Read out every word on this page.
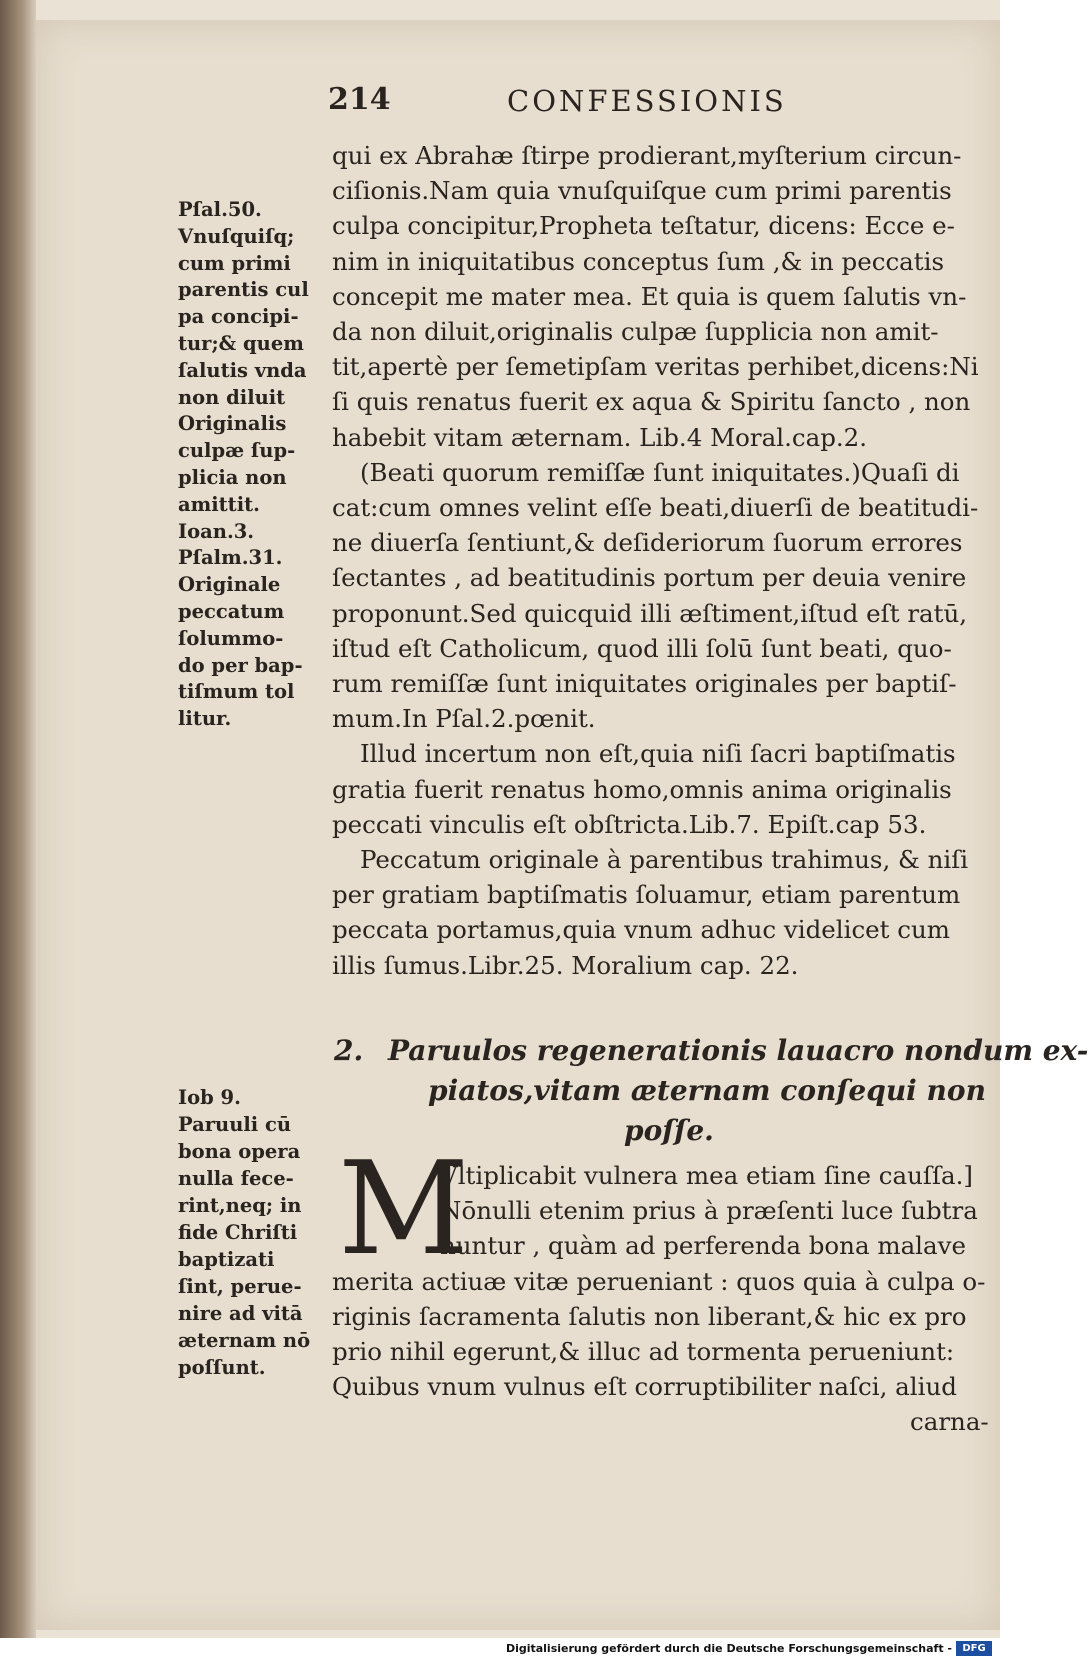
214	CONFESSIONIS
qui ex Abrahæ ſtirpe prodierant,myſterium circun-
ciſionis.Nam quia vnuſquiſque cum primi parentis
culpa concipitur,Propheta teſtatur, dicens: Ecce e-
nim in iniquitatibus conceptus ſum ,& in peccatis
concepit me mater mea. Et quia is quem ſalutis vn-
da non diluit,originalis culpæ ſupplicia non amit-
tit,apertè per ſemetipſam veritas perhibet,dicens:Ni
ſi quis renatus fuerit ex aqua & Spiritu ſancto , non
habebit vitam æternam. Lib.4 Moral.cap.2.
(Beati quorum remiſſæ ſunt iniquitates.)Quaſi di
cat:cum omnes velint eſſe beati,diuerſi de beatitudi-
ne diuerſa ſentiunt,& deſideriorum ſuorum errores
ſectantes , ad beatitudinis portum per deuia venire
proponunt.Sed quicquid illi æſtiment,iſtud eſt ratū,
iſtud eſt Catholicum, quod illi ſolū ſunt beati, quo-
rum remiſſæ ſunt iniquitates originales per baptiſ-
mum.In Pſal.2.pœnit.
Illud incertum non eſt,quia niſi ſacri baptiſmatis
gratia fuerit renatus homo,omnis anima originalis
peccati vinculis eſt obſtricta.Lib.7. Epiſt.cap 53.
Peccatum originale à parentibus trahimus, & niſi
per gratiam baptiſmatis ſoluamur, etiam parentum
peccata portamus,quia vnum adhuc videlicet cum
illis ſumus.Libr.25. Moralium cap. 22.
Pſal.50.
Vnuſquiſq;
cum primi
parentis cul
pa concipi-
tur;& quem
ſalutis vnda
non diluit
Originalis
culpæ ſup-
plicia non
amittit.
Ioan.3.
Pſalm.31.
Originale
peccatum
ſolummo-
do per bap-
tiſmum tol
litur.
2. Paruulos regenerationis lauacro nondum ex-
piatos,vitam æternam conſequi non
poſſe.
M
Vltiplicabit vulnera mea etiam ſine cauſſa.]
Nōnulli etenim prius à præſenti luce ſubtra
huntur , quàm ad perferenda bona malave
merita actiuæ vitæ perueniant : quos quia à culpa o-
riginis ſacramenta ſalutis non liberant,& hic ex pro
prio nihil egerunt,& illuc ad tormenta perueniunt:
Quibus vnum vulnus eſt corruptibiliter naſci, aliud
carna-
Iob 9.
Paruuli cū
bona opera
nulla fece-
rint,neq; in
fide Chriſti
baptizati
ſint, perue-
nire ad vitā
æternam nō
poſſunt.
Digitalisierung gefördert durch die Deutsche Forschungsgemeinschaft -	DFG
